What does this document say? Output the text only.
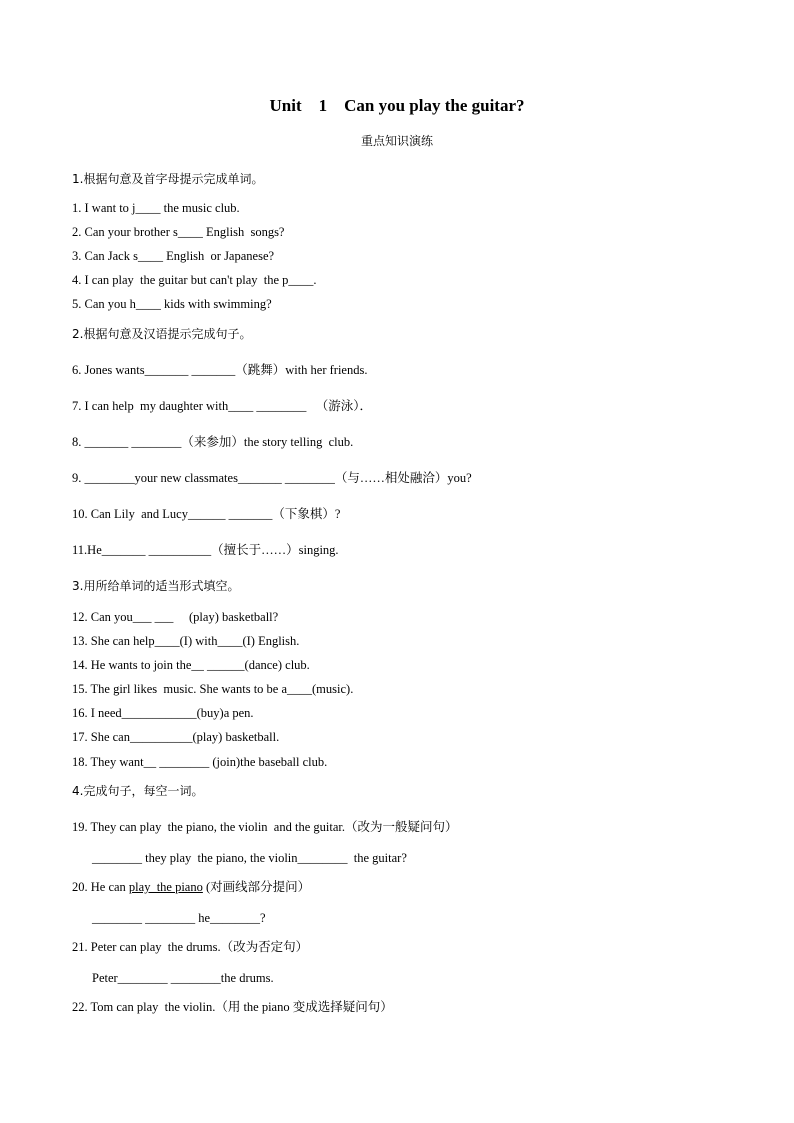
Unit    1    Can you play the guitar?
重点知识演练
1.根据句意及首字母提示完成单词。
1. I want to j____ the music club.
2. Can your brother s____ English  songs?
3. Can Jack s____ English  or Japanese?
4. I can play  the guitar but can't play  the p____.
5. Can you h____ kids with swimming?
2.根据句意及汉语提示完成句子。
6. Jones wants_______ _______（跳舞）with her friends.
7. I can help  my daughter with____ ________   （游泳）．
8. _______ ________（来参加）the story telling  club.
9. ________your new classmates_______ ________（与……相处融洽）you?
10. Can Lily  and Lucy______ _______（下象棋）?
11.He_______ __________（擅长于……）singing.
3.用所给单词的适当形式填空。
12. Can you___ ___     (play) basketball?
13. She can help____(I) with____(I) English.
14. He wants to join the__ ______(dance) club.
15. The girl likes  music. She wants to be a____(music).
16. I need____________(buy)a pen.
17. She can__________(play) basketball.
18. They want__ ________ (join)the baseball club.
4.完成句子，每空一词。
19. They can play  the piano, the violin  and the guitar.（改为一般疑问句）
________ they play  the piano, the violin________  the guitar?
20. He can play  the piano (对画线部分提问）
________ ________ he________?
21. Peter can play  the drums.（改为否定句）
Peter________ ________the drums.
22. Tom can play  the violin.（用 the piano 变成选择疑问句）
